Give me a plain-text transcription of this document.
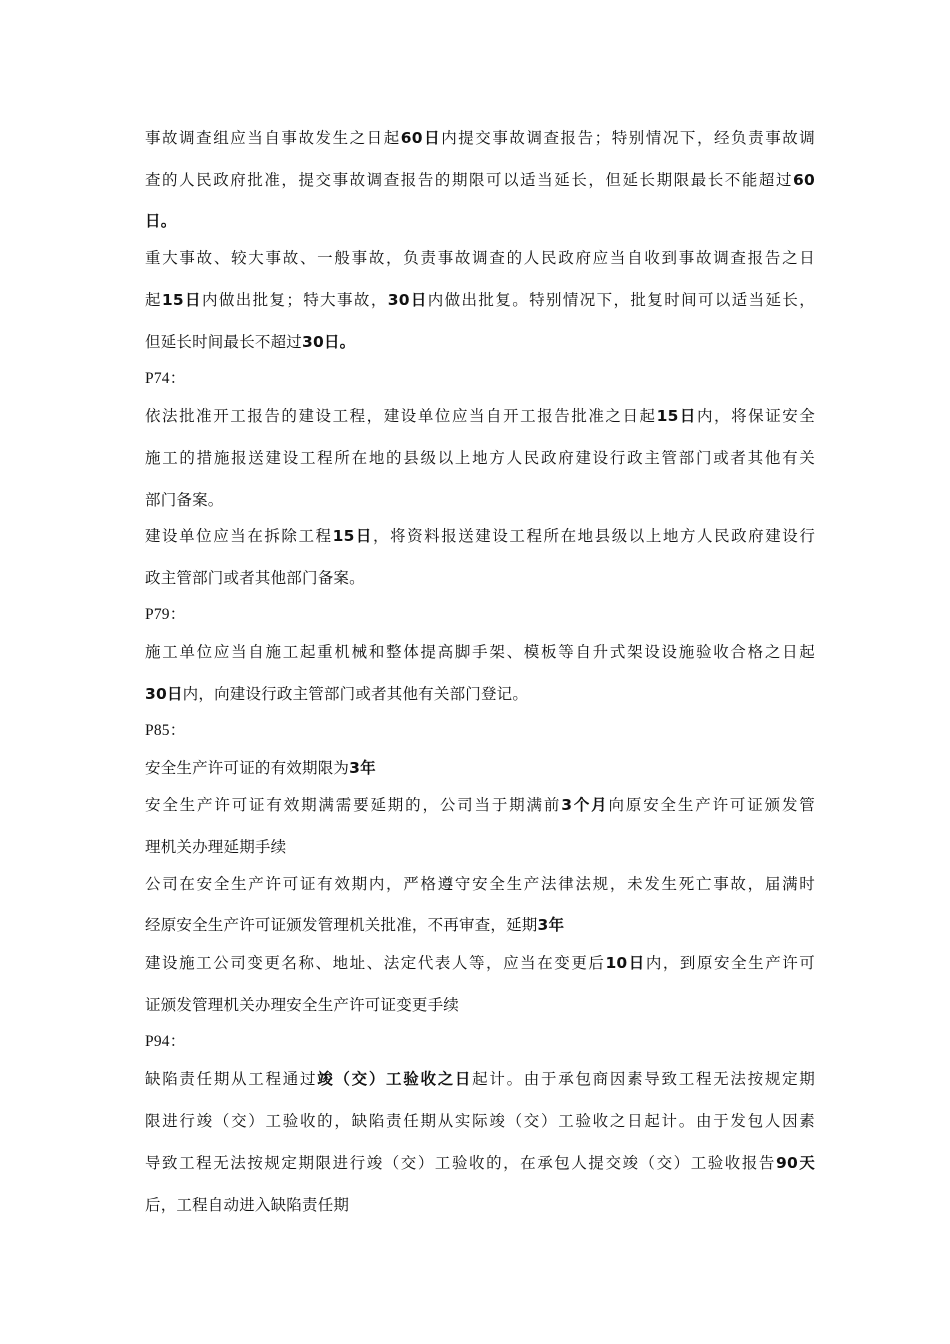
事故调查组应当自事故发生之日起60日内提交事故调查报告；特别情况下，经负责事故调
查的人民政府批准，提交事故调查报告的期限可以适当延长，但延长期限最长不能超过60
日。
重大事故、较大事故、一般事故，负责事故调查的人民政府应当自收到事故调查报告之日
起15日内做出批复；特大事故，30日内做出批复。特别情况下，批复时间可以适当延长，
但延长时间最长不超过30日。
P74：
依法批准开工报告的建设工程，建设单位应当自开工报告批准之日起15日内，将保证安全
施工的措施报送建设工程所在地的县级以上地方人民政府建设行政主管部门或者其他有关
部门备案。
建设单位应当在拆除工程15日，将资料报送建设工程所在地县级以上地方人民政府建设行
政主管部门或者其他部门备案。
P79：
施工单位应当自施工起重机械和整体提高脚手架、模板等自升式架设设施验收合格之日起
30日内，向建设行政主管部门或者其他有关部门登记。
P85：
安全生产许可证的有效期限为3年
安全生产许可证有效期满需要延期的，公司当于期满前3个月向原安全生产许可证颁发管
理机关办理延期手续
公司在安全生产许可证有效期内，严格遵守安全生产法律法规，未发生死亡事故，届满时
经原安全生产许可证颁发管理机关批准，不再审查，延期3年
建设施工公司变更名称、地址、法定代表人等，应当在变更后10日内，到原安全生产许可
证颁发管理机关办理安全生产许可证变更手续
P94：
缺陷责任期从工程通过竣（交）工验收之日起计。由于承包商因素导致工程无法按规定期
限进行竣（交）工验收的，缺陷责任期从实际竣（交）工验收之日起计。由于发包人因素
导致工程无法按规定期限进行竣（交）工验收的，在承包人提交竣（交）工验收报告90天
后，工程自动进入缺陷责任期
